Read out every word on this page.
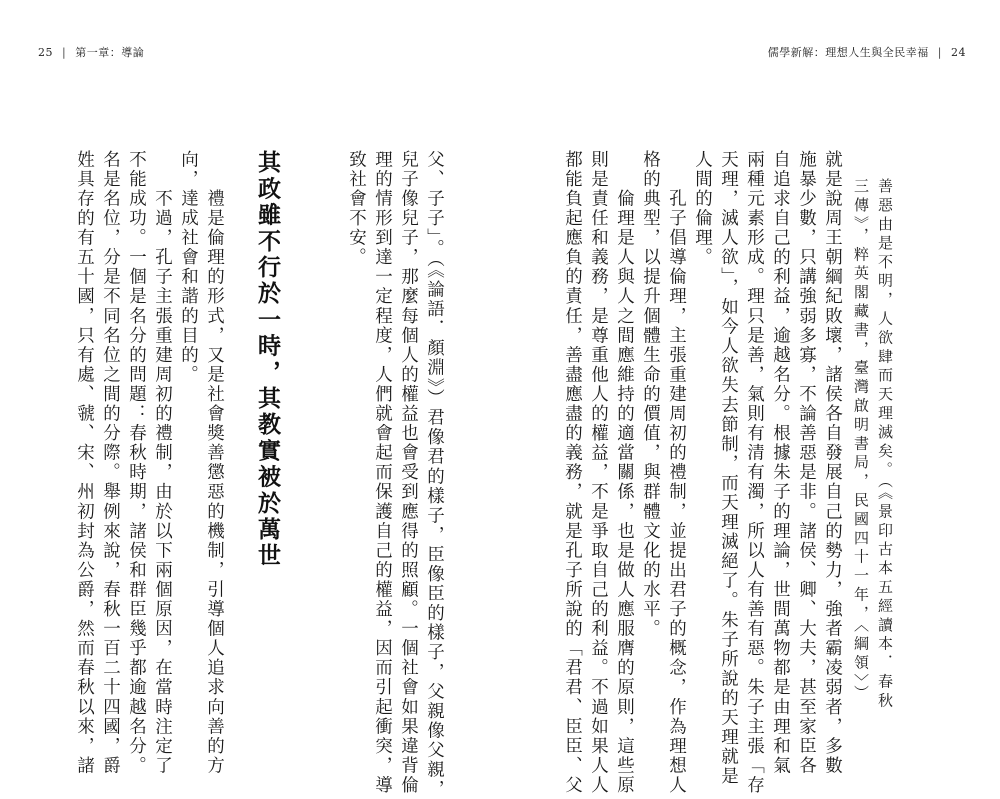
25 | 第一章：導論	儒學新解：理想人生與全民幸福 | 24
善惡由是不明，人欲肆而天理滅矣。（《景印古本五經讀本．春秋
三傳》，粹英閣藏書，臺灣啟明書局，民國四十一年，〈綱領〉）
就是說周王朝綱紀敗壞，諸侯各自發展自己的勢力，強者霸凌弱者，多數
施暴少數，只講強弱多寡，不論善惡是非。諸侯、卿、大夫，甚至家臣各
自追求自己的利益，逾越名分。根據朱子的理論，世間萬物都是由理和氣
兩種元素形成。理只是善，氣則有清有濁，所以人有善有惡。朱子主張「存
天理，滅人欲」，如今人欲失去節制，而天理滅絕了。朱子所說的天理就是
人間的倫理。
　　孔子倡導倫理，主張重建周初的禮制，並提出君子的概念，作為理想人
格的典型，以提升個體生命的價值，與群體文化的水平。
　　倫理是人與人之間應維持的適當關係，也是做人應服膺的原則，這些原
則是責任和義務，是尊重他人的權益，不是爭取自己的利益。不過如果人人
都能負起應負的責任，善盡應盡的義務，就是孔子所說的「君君、臣臣、父
父、子子」。（《論語．顏淵》）君像君的樣子，臣像臣的樣子，父親像父親，
兒子像兒子，那麼每個人的權益也會受到應得的照顧。一個社會如果違背倫
理的情形到達一定程度，人們就會起而保護自己的權益，因而引起衝突，導
致社會不安。
其政雖不行於一時，其教實被於萬世
　　禮是倫理的形式，又是社會獎善懲惡的機制，引導個人追求向善的方
向，達成社會和諧的目的。
　　不過，孔子主張重建周初的禮制，由於以下兩個原因，在當時注定了
不能成功。一個是名分的問題：春秋時期，諸侯和群臣幾乎都逾越名分。
名是名位，分是不同名位之間的分際。舉例來說，春秋一百二十四國，爵
姓具存的有五十國，只有處、虢、宋、州初封為公爵，然而春秋以來，諸
